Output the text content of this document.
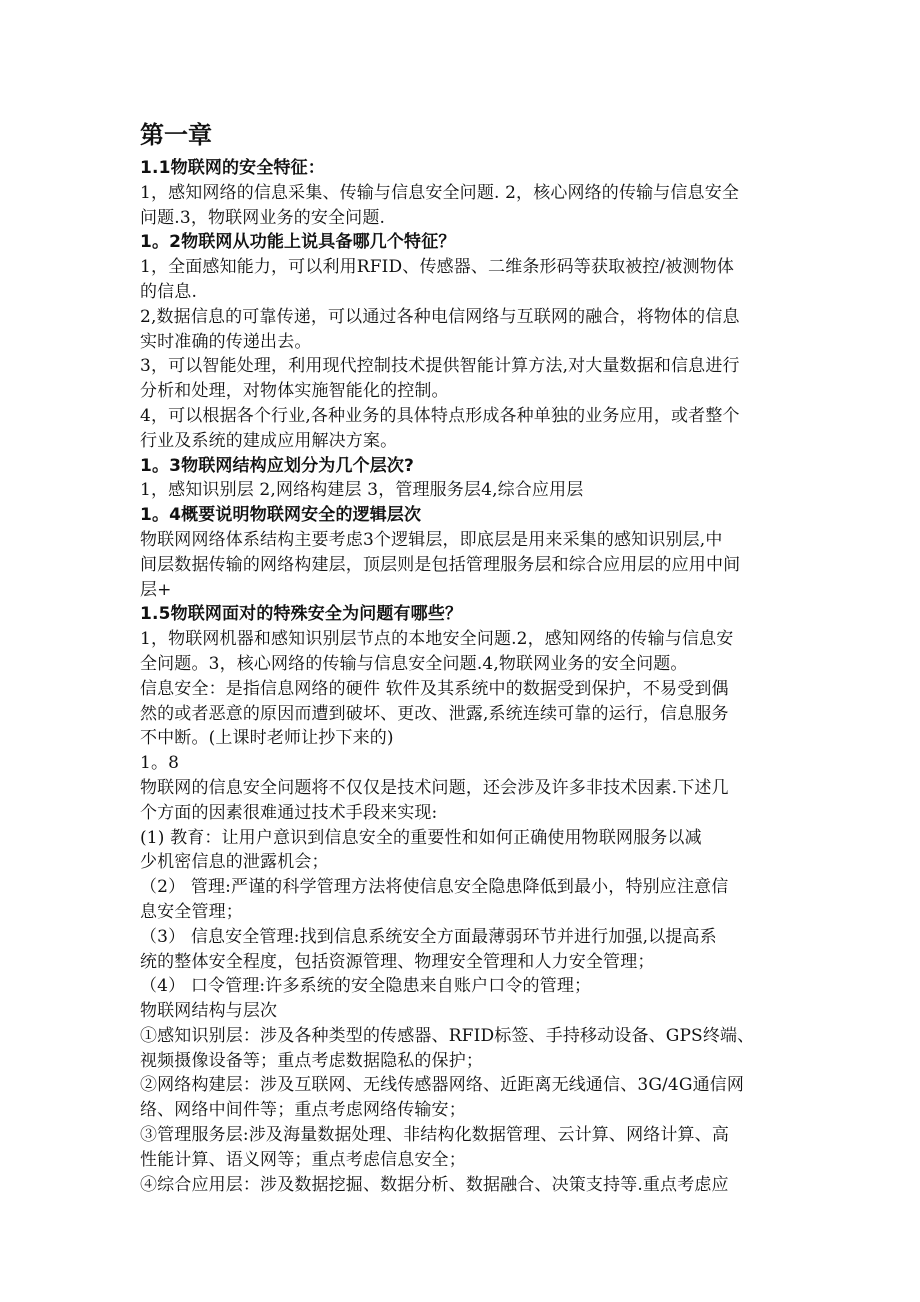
第一章
1.1物联网的安全特征：
1，感知网络的信息采集、传输与信息安全问题. 2，核心网络的传输与信息安全
问题.3，物联网业务的安全问题.
1。2物联网从功能上说具备哪几个特征？
1，全面感知能力，可以利用RFID、传感器、二维条形码等获取被控/被测物体
的信息.
2,数据信息的可靠传递，可以通过各种电信网络与互联网的融合，将物体的信息
实时准确的传递出去。
3，可以智能处理，利用现代控制技术提供智能计算方法,对大量数据和信息进行
分析和处理，对物体实施智能化的控制。
4，可以根据各个行业,各种业务的具体特点形成各种单独的业务应用，或者整个
行业及系统的建成应用解决方案。
1。3物联网结构应划分为几个层次?
1，感知识别层 2,网络构建层 3，管理服务层4,综合应用层
1。4概要说明物联网安全的逻辑层次
物联网网络体系结构主要考虑3个逻辑层，即底层是用来采集的感知识别层,中
间层数据传输的网络构建层，顶层则是包括管理服务层和综合应用层的应用中间
层+
1.5物联网面对的特殊安全为问题有哪些？
1，物联网机器和感知识别层节点的本地安全问题.2，感知网络的传输与信息安
全问题。3，核心网络的传输与信息安全问题.4,物联网业务的安全问题。
信息安全：是指信息网络的硬件 软件及其系统中的数据受到保护，不易受到偶
然的或者恶意的原因而遭到破坏、更改、泄露,系统连续可靠的运行，信息服务
不中断。(上课时老师让抄下来的)
1。8
物联网的信息安全问题将不仅仅是技术问题，还会涉及许多非技术因素.下述几
个方面的因素很难通过技术手段来实现:
(1) 教育：让用户意识到信息安全的重要性和如何正确使用物联网服务以减
少机密信息的泄露机会；
（2） 管理:严谨的科学管理方法将使信息安全隐患降低到最小，特别应注意信
息安全管理；
（3） 信息安全管理:找到信息系统安全方面最薄弱环节并进行加强,以提高系
统的整体安全程度，包括资源管理、物理安全管理和人力安全管理；
（4） 口令管理:许多系统的安全隐患来自账户口令的管理；
物联网结构与层次
①感知识别层：涉及各种类型的传感器、RFID标签、手持移动设备、GPS终端、
视频摄像设备等；重点考虑数据隐私的保护；
②网络构建层：涉及互联网、无线传感器网络、近距离无线通信、3G/4G通信网
络、网络中间件等；重点考虑网络传输安；
③管理服务层:涉及海量数据处理、非结构化数据管理、云计算、网络计算、高
性能计算、语义网等；重点考虑信息安全；
④综合应用层：涉及数据挖掘、数据分析、数据融合、决策支持等.重点考虑应
